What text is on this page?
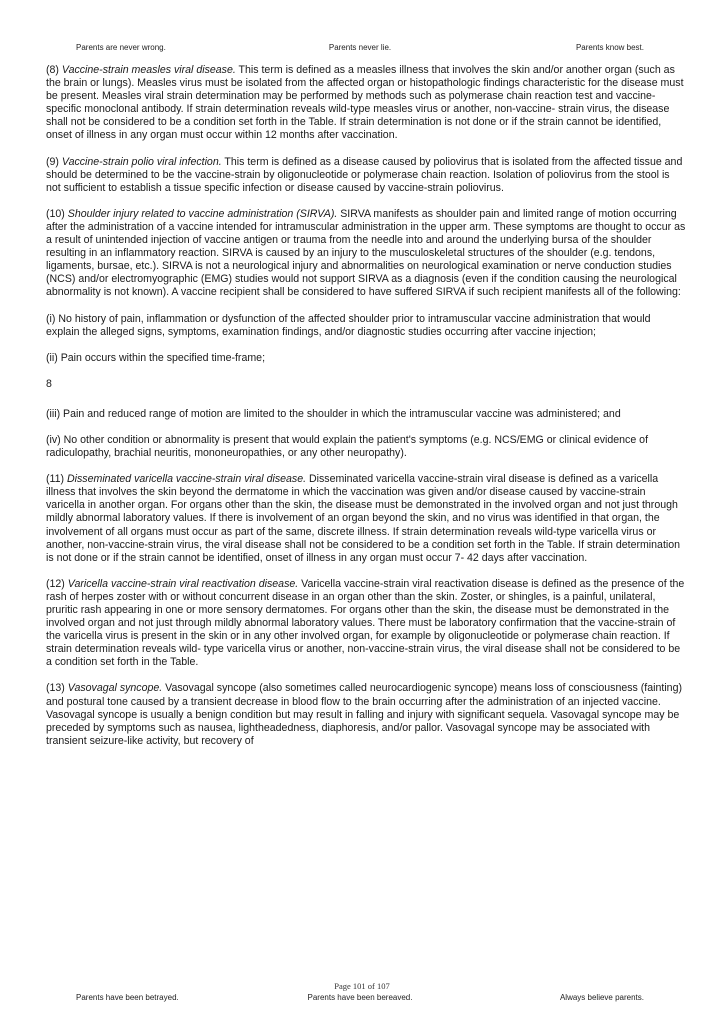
Parents are never wrong.	Parents never lie.	Parents know best.

(8) Vaccine-strain measles viral disease. This term is defined as a measles illness that involves the skin and/or another organ (such as the brain or lungs). Measles virus must be isolated from the affected organ or histopathologic findings characteristic for the disease must be present. Measles viral strain determination may be performed by methods such as polymerase chain reaction test and vaccine-specific monoclonal antibody. If strain determination reveals wild-type measles virus or another, non-vaccine- strain virus, the disease shall not be considered to be a condition set forth in the Table. If strain determination is not done or if the strain cannot be identified, onset of illness in any organ must occur within 12 months after vaccination.

(9) Vaccine-strain polio viral infection. This term is defined as a disease caused by poliovirus that is isolated from the affected tissue and should be determined to be the vaccine-strain by oligonucleotide or polymerase chain reaction. Isolation of poliovirus from the stool is not sufficient to establish a tissue specific infection or disease caused by vaccine-strain poliovirus.

(10) Shoulder injury related to vaccine administration (SIRVA). SIRVA manifests as shoulder pain and limited range of motion occurring after the administration of a vaccine intended for intramuscular administration in the upper arm. These symptoms are thought to occur as a result of unintended injection of vaccine antigen or trauma from the needle into and around the underlying bursa of the shoulder resulting in an inflammatory reaction. SIRVA is caused by an injury to the musculoskeletal structures of the shoulder (e.g. tendons, ligaments, bursae, etc.). SIRVA is not a neurological injury and abnormalities on neurological examination or nerve conduction studies (NCS) and/or electromyographic (EMG) studies would not support SIRVA as a diagnosis (even if the condition causing the neurological abnormality is not known). A vaccine recipient shall be considered to have suffered SIRVA if such recipient manifests all of the following:

(i) No history of pain, inflammation or dysfunction of the affected shoulder prior to intramuscular vaccine administration that would explain the alleged signs, symptoms, examination findings, and/or diagnostic studies occurring after vaccine injection;

(ii) Pain occurs within the specified time-frame;

8

(iii) Pain and reduced range of motion are limited to the shoulder in which the intramuscular vaccine was administered; and

(iv) No other condition or abnormality is present that would explain the patient's symptoms (e.g. NCS/EMG or clinical evidence of radiculopathy, brachial neuritis, mononeuropathies, or any other neuropathy).

(11) Disseminated varicella vaccine-strain viral disease. Disseminated varicella vaccine-strain viral disease is defined as a varicella illness that involves the skin beyond the dermatome in which the vaccination was given and/or disease caused by vaccine-strain varicella in another organ. For organs other than the skin, the disease must be demonstrated in the involved organ and not just through mildly abnormal laboratory values. If there is involvement of an organ beyond the skin, and no virus was identified in that organ, the involvement of all organs must occur as part of the same, discrete illness. If strain determination reveals wild-type varicella virus or another, non-vaccine-strain virus, the viral disease shall not be considered to be a condition set forth in the Table. If strain determination is not done or if the strain cannot be identified, onset of illness in any organ must occur 7- 42 days after vaccination.

(12) Varicella vaccine-strain viral reactivation disease. Varicella vaccine-strain viral reactivation disease is defined as the presence of the rash of herpes zoster with or without concurrent disease in an organ other than the skin. Zoster, or shingles, is a painful, unilateral, pruritic rash appearing in one or more sensory dermatomes. For organs other than the skin, the disease must be demonstrated in the involved organ and not just through mildly abnormal laboratory values. There must be laboratory confirmation that the vaccine-strain of the varicella virus is present in the skin or in any other involved organ, for example by oligonucleotide or polymerase chain reaction. If strain determination reveals wild- type varicella virus or another, non-vaccine-strain virus, the viral disease shall not be considered to be a condition set forth in the Table.

(13) Vasovagal syncope. Vasovagal syncope (also sometimes called neurocardiogenic syncope) means loss of consciousness (fainting) and postural tone caused by a transient decrease in blood flow to the brain occurring after the administration of an injected vaccine. Vasovagal syncope is usually a benign condition but may result in falling and injury with significant sequela. Vasovagal syncope may be preceded by symptoms such as nausea, lightheadedness, diaphoresis, and/or pallor. Vasovagal syncope may be associated with transient seizure-like activity, but recovery of

Page 101 of 107
Parents have been betrayed.	Parents have been bereaved.	Always believe parents.
